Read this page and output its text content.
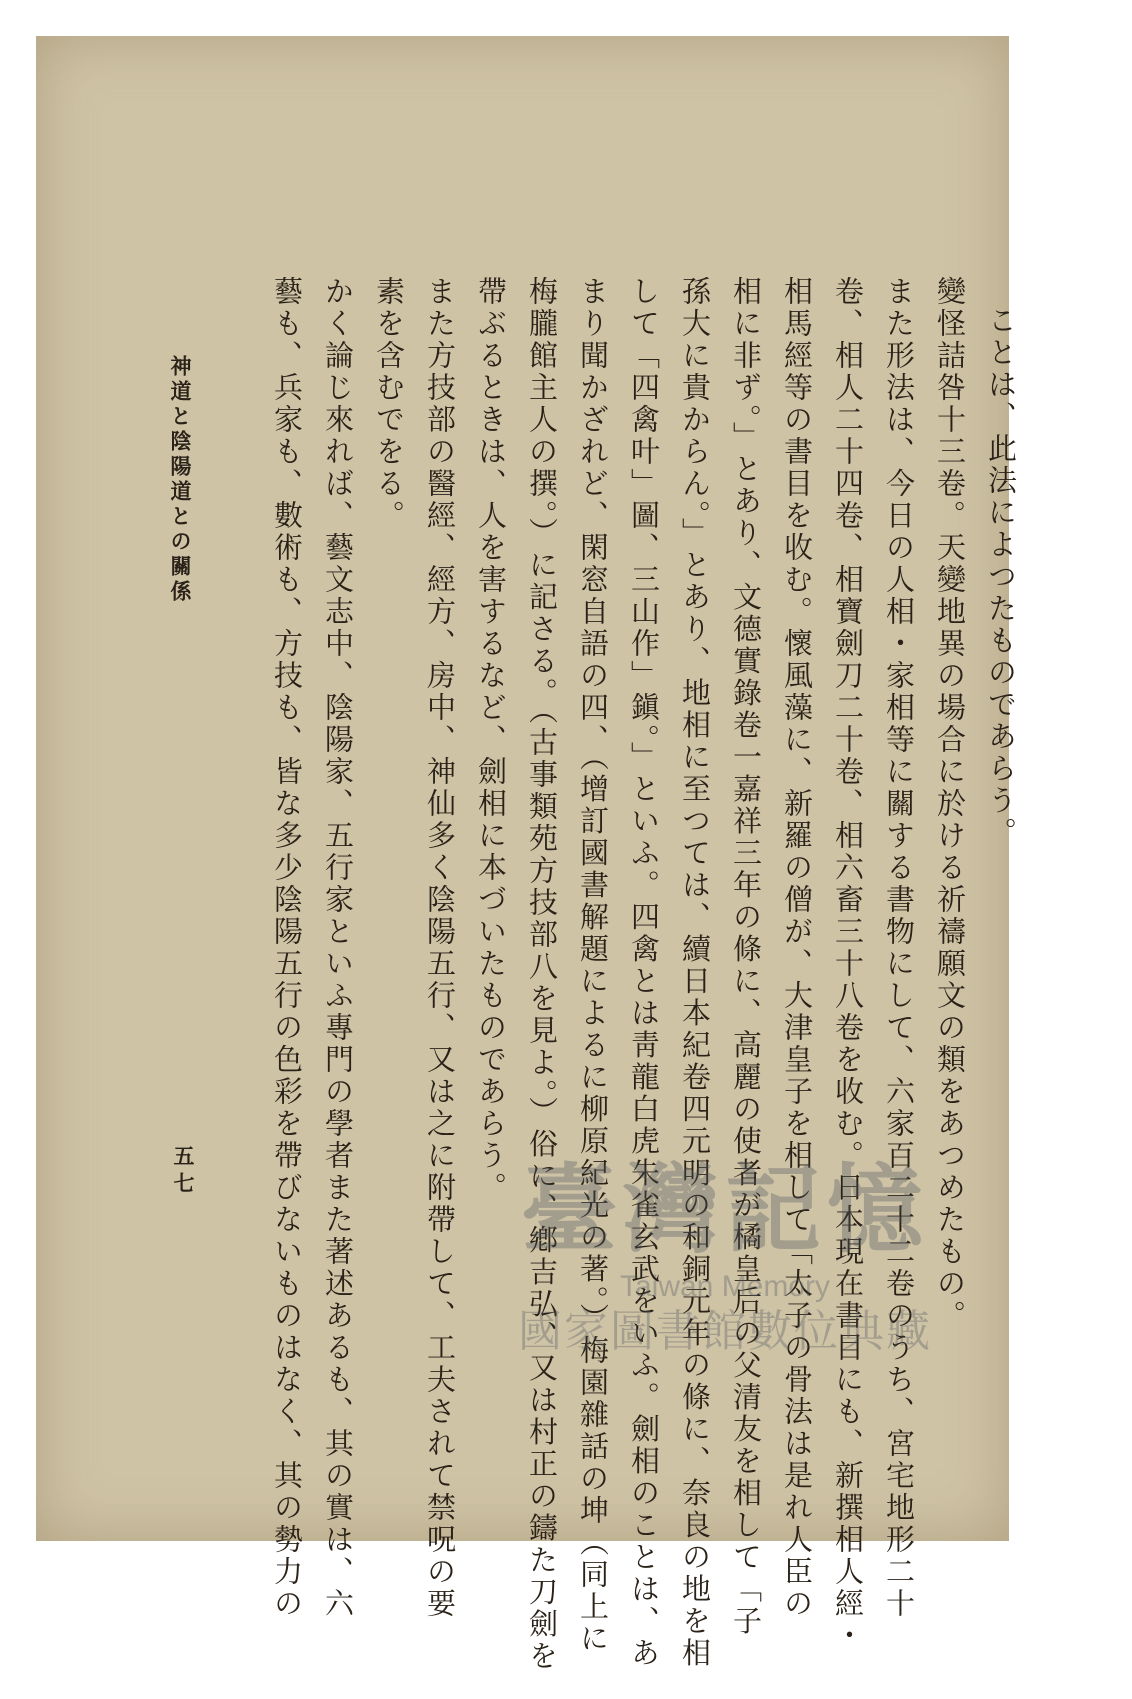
ことは、此法によつたものであらう。
變怪詰咎十三卷。天變地異の場合に於ける祈禱願文の類をあつめたもの。
また形法は、今日の人相・家相等に關する書物にして、六家百二十二卷のうち、宮宅地形二十
卷、相人二十四卷、相寶劍刀二十卷、相六畜三十八卷を收む。日本現在書目にも、新撰相人經・
相馬經等の書目を收む。懷風藻に、新羅の僧が、大津皇子を相して「太子の骨法は是れ人臣の
相に非ず。」とあり、文德實錄卷一嘉祥三年の條に、高麗の使者が橘皇后の父清友を相して「子
孫大に貴からん。」とあり、地相に至つては、續日本紀卷四元明の和銅元年の條に、奈良の地を相
して「四禽叶」圖、三山作」鎭。」といふ。四禽とは靑龍白虎朱雀玄武をいふ。劍相のことは、あ
まり聞かざれど、閑窓自語の四、（增訂國書解題によるに柳原紀光の著。）梅園雜話の坤（同上に
梅朧館主人の撰。）に記さる。（古事類苑方技部八を見よ。）俗に、鄕吉弘、又は村正の鑄た刀劍を
帶ぶるときは、人を害するなど、劍相に本づいたものであらう。
また方技部の醫經、經方、房中、神仙多く陰陽五行、又は之に附帶して、工夫されて禁呪の要
素を含むでをる。
かく論じ來れば、藝文志中、陰陽家、五行家といふ專門の學者また著述あるも、其の實は、六
藝も、兵家も、數術も、方技も、皆な多少陰陽五行の色彩を帶びないものはなく、其の勢力の
神道と陰陽道との關係
五七	臺灣記憶
Taiwan Memory
國家圖書館數位典藏
